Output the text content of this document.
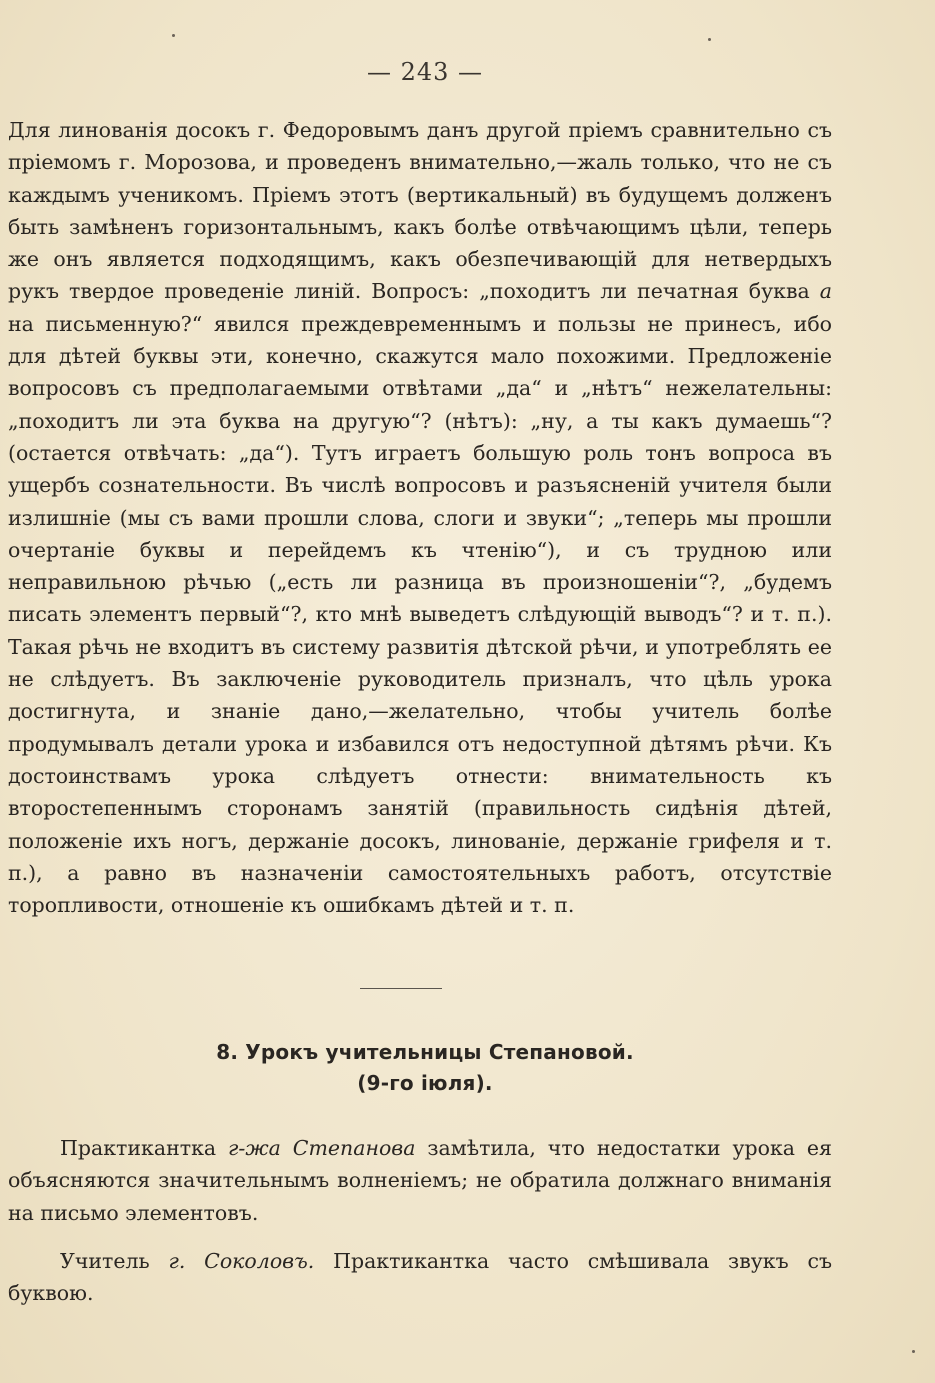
— 243 —

Для линованія досокъ г. Федоровымъ данъ другой пріемъ сравнительно съ пріемомъ г. Морозова, и проведенъ внимательно,—жаль только, что не съ каждымъ ученикомъ. Пріемъ этотъ (вертикальный) въ будущемъ долженъ быть замѣненъ горизонтальнымъ, какъ болѣе отвѣчающимъ цѣли, теперь же онъ является подходящимъ, какъ обезпечивающій для нетвердыхъ рукъ твердое проведеніе линій. Вопросъ: „походитъ ли печатная буква a на письменную?“ явился преждевременнымъ и пользы не принесъ, ибо для дѣтей буквы эти, конечно, скажутся мало похожими. Предложеніе вопросовъ съ предполагаемыми отвѣтами „да“ и „нѣтъ“ нежелательны: „походитъ ли эта буква на другую“? (нѣтъ): „ну, а ты какъ думаешь“? (остается отвѣчать: „да“). Тутъ играетъ большую роль тонъ вопроса въ ущербъ сознательности. Въ числѣ вопросовъ и разъясненій учителя были излишніе (мы съ вами прошли слова, слоги и звуки“; „теперь мы прошли очертаніе буквы и перейдемъ къ чтенію“), и съ трудною или неправильною рѣчью („есть ли разница въ произношеніи“?, „будемъ писать элементъ первый“?, кто мнѣ выведетъ слѣдующій выводъ“? и т. п.). Такая рѣчь не входитъ въ систему развитія дѣтской рѣчи, и употреблять ее не слѣдуетъ. Въ заключеніе руководитель призналъ, что цѣль урока достигнута, и знаніе дано,—желательно, чтобы учитель болѣе продумывалъ детали урока и избавился отъ недоступной дѣтямъ рѣчи. Къ достоинствамъ урока слѣдуетъ отнести: внимательность къ второстепеннымъ сторонамъ занятій (правильность сидѣнія дѣтей, положеніе ихъ ногъ, держаніе досокъ, линованіе, держаніе грифеля и т. п.), а равно въ назначеніи самостоятельныхъ работъ, отсутствіе торопливости, отношеніе къ ошибкамъ дѣтей и т. п.

8. Урокъ учительницы Степановой.
(9-го іюля).

Практикантка г-жа Степанова замѣтила, что недостатки урока ея объясняются значительнымъ волненіемъ; не обратила должнаго вниманія на письмо элементовъ.

Учитель г. Соколовъ. Практикантка часто смѣшивала звукъ съ буквою.
